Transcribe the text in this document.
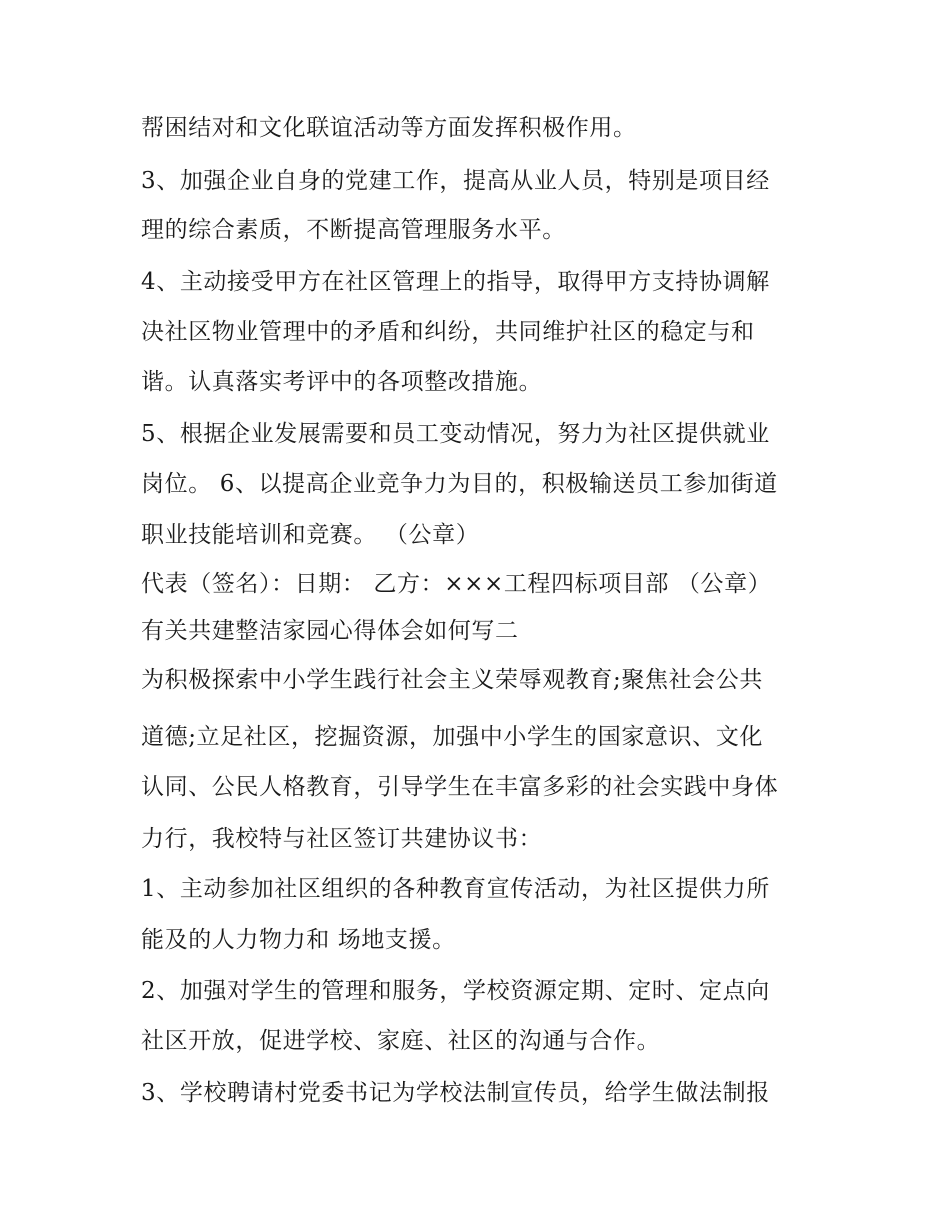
帮困结对和文化联谊活动等方面发挥积极作用。
3、加强企业自身的党建工作，提高从业人员，特别是项目经
理的综合素质，不断提高管理服务水平。
4、主动接受甲方在社区管理上的指导，取得甲方支持协调解
决社区物业管理中的矛盾和纠纷，共同维护社区的稳定与和
谐。认真落实考评中的各项整改措施。
5、根据企业发展需要和员工变动情况，努力为社区提供就业
岗位。 6、以提高企业竞争力为目的，积极输送员工参加街道
职业技能培训和竞赛。 （公章）
代表（签名）：日期： 乙方：×××工程四标项目部 （公章）
有关共建整洁家园心得体会如何写二
为积极探索中小学生践行社会主义荣辱观教育;聚焦社会公共
道德;立足社区，挖掘资源，加强中小学生的国家意识、文化
认同、公民人格教育，引导学生在丰富多彩的社会实践中身体
力行，我校特与社区签订共建协议书：
1、主动参加社区组织的各种教育宣传活动，为社区提供力所
能及的人力物力和 场地支援。
2、加强对学生的管理和服务，学校资源定期、定时、定点向
社区开放，促进学校、家庭、社区的沟通与合作。
3、学校聘请村党委书记为学校法制宣传员，给学生做法制报
